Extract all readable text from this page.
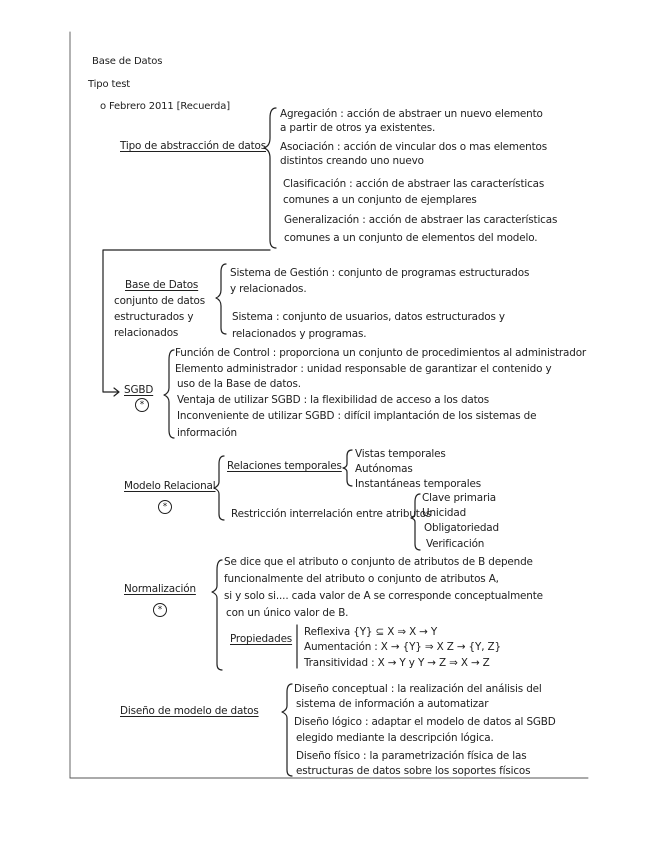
Base de Datos
Tipo test
o Febrero 2011 [Recuerda]
Tipo de abstracción de datos
Agregación : acción de abstraer un nuevo elemento
a partir de otros ya existentes.
Asociación : acción de vincular dos o mas elementos
distintos creando uno nuevo
Clasificación : acción de abstraer las características
comunes a un conjunto de ejemplares
Generalización : acción de abstraer las características
comunes a un conjunto de elementos del modelo.
Base de Datos
conjunto de datos
estructurados y
relacionados
Sistema de Gestión : conjunto de programas estructurados
y relacionados.
Sistema : conjunto de usuarios, datos estructurados y
relacionados y programas.
SGBD
*
Función de Control : proporciona un conjunto de procedimientos al administrador
Elemento administrador : unidad responsable de garantizar el contenido y
uso de la Base de datos.
Ventaja de utilizar SGBD : la flexibilidad de acceso a los datos
Inconveniente de utilizar SGBD : difícil implantación de los sistemas de
información
Modelo Relacional
*
Relaciones temporales
Vistas temporales
Autónomas
Instantáneas temporales
Restricción interrelación entre atributos
Clave primaria
Unicidad
Obligatoriedad
Verificación
Normalización
*
Se dice que el atributo o conjunto de atributos de B depende
funcionalmente del atributo o conjunto de atributos A,
si y solo si.... cada valor de A se corresponde conceptualmente
con un único valor de B.
Propiedades
Reflexiva {Y} ⊆ X ⇒ X → Y
Aumentación : X → {Y} ⇒ X Z → {Y, Z}
Transitividad : X → Y y Y → Z ⇒ X → Z
Diseño de modelo de datos
Diseño conceptual : la realización del análisis del
sistema de información a automatizar
Diseño lógico : adaptar el modelo de datos al SGBD
elegido mediante la descripción lógica.
Diseño físico : la parametrización física de las
estructuras de datos sobre los soportes físicos
